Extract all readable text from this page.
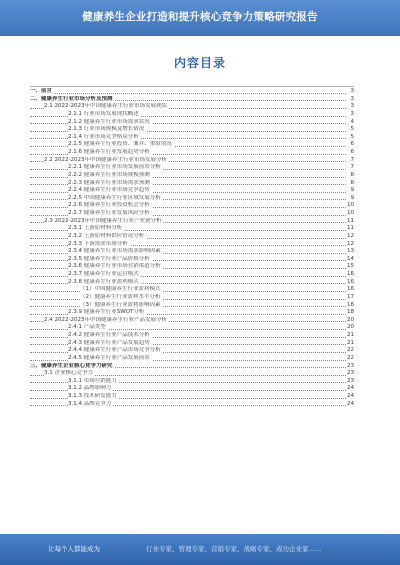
健康养生企业打造和提升核心竞争力策略研究报告
内容目录
一、前言	3
二、健康养生行业市场分析及预测	3
2.1 2022-2023年中国健康养生行业市场发展现状	3
2.1.1 行业市场发展现状概述	3
2.1.2 健康养生行业市场需求状况	4
2.1.3 行业市场规模及增长情况	5
2.1.4 行业市场竞争格局分析	5
2.1.5 健康养生行业投资、兼并、重组情况	6
2.1.6 健康养生行业发展趋势分析	6
2.2 2022-2023年中国健康养生行业市场发展分析	7
2.2.1 健康养生行业市场发展前景分析	7
2.2.2 健康养生行业市场规模预测	8
2.2.3 健康养生行业市场需求预测	8
2.2.4 健康养生行业市场竞争趋势	9
2.2.5 中国健康养生行业区域发展分析	9
2.2.6 健康养生行业投资机会分析	10
2.2.7 健康养生行业发展风险分析	10
2.3 2022-2023年中国健康养生行业产业链分析	11
2.3.1 上游原材料分析	11
2.3.2 上游原材料供应情况分析	12
2.3.3 下游需求市场分析	12
2.3.4 健康养生行业市场需求影响因素	13
2.3.5 健康养生行业产品价格分析	14
2.3.6 健康养生行业市场营销渠道分析	15
2.3.7 健康养生行业运营模式	16
2.3.8 健康养生行业盈利模式	16
（1）中国健康养生行业盈利模式	16
（2）健康养生行业盈利水平分析	17
（3）健康养生行业盈利影响因素	18
2.3.9 健康养生行业SWOT分析	18
2.4 2022-2023年中国健康养生行业产品发展分析	20
2.4.1 产品类型	20
2.4.2 健康养生行业产品技术分析	21
2.4.3 健康养生行业产品发展趋势	21
2.4.4 健康养生行业产品市场竞争分析	22
2.4.5 健康养生行业产品发展前景	22
三、健康养生企业核心竞争力研究	23
3.1 企业核心竞争力	23
3.1.1 市场营销能力	23
3.1.2 品牌影响力	24
3.1.3 技术研发能力	24
3.1.4 品牌竞争力	24
让每个人都能成为	行业专家、管理专家、营销专家、战略专家、成功企业家……
